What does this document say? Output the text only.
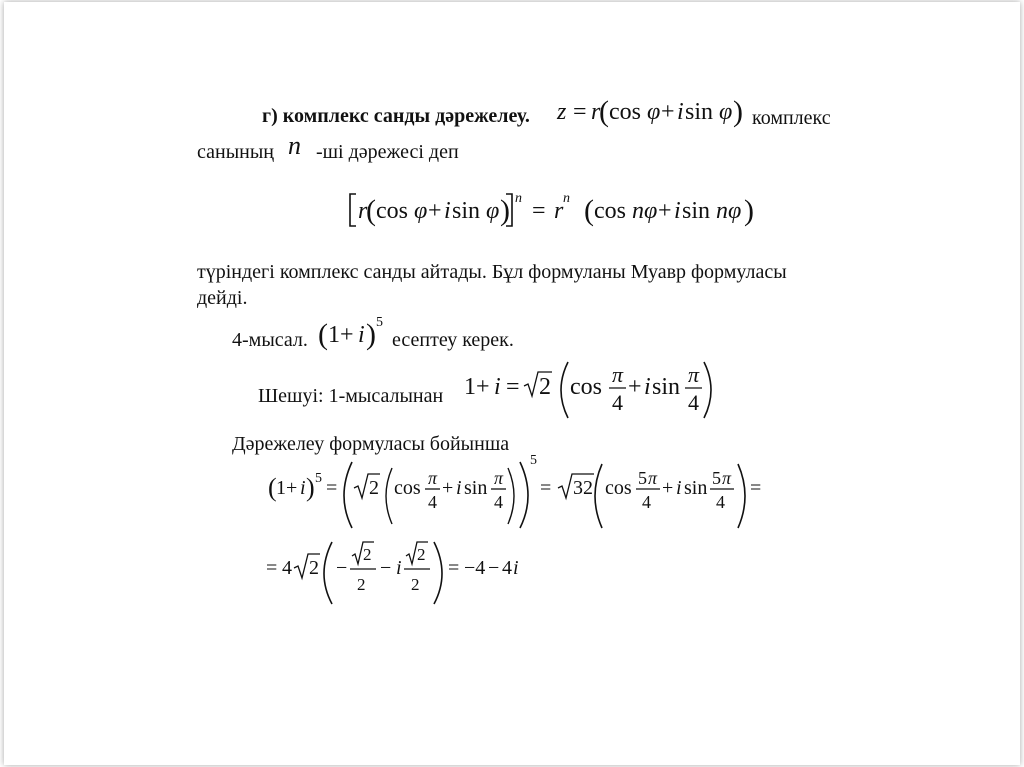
г) комплекс санды дәрежелеу. z = r
( cos φ + i sin φ ) комплекс
санының n -ші дәрежесі деп
r
( cos φ + i sin φ ) n = r n ( cos nφ + i sin nφ )
түріндегі комплекс санды айтады. Бұл формуланы Муавр формуласы
дейді.
4-мысал. ( 1 + i ) 5
есептеу керек.
Шешуі: 1-мысалынан 1 + i = 2 cos π
4
+ i sin π
4
Дәрежелеу формуласы бойынша
( 1 + i ) 5 = 2 cos π
4
+ i sin π
4
5
= 32 cos 5 π
4
+ i sin 5 π
4
=
= 4 2 −
2
2
− i
2
2
= −4 − 4 i
